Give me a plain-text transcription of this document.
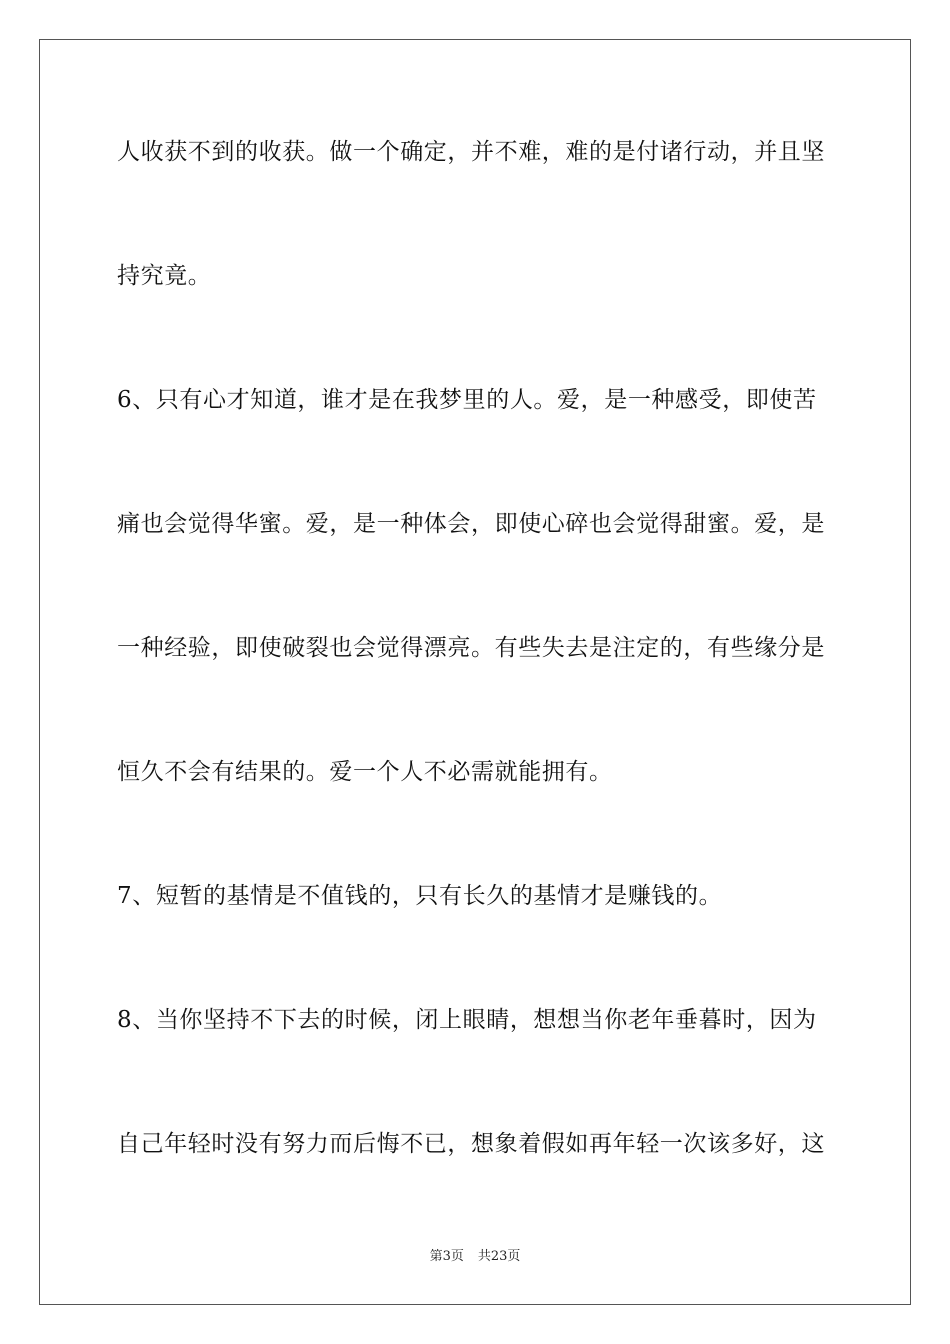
人收获不到的收获。做一个确定，并不难，难的是付诸行动，并且坚
持究竟。
6、只有心才知道，谁才是在我梦里的人。爱，是一种感受，即使苦
痛也会觉得华蜜。爱，是一种体会，即使心碎也会觉得甜蜜。爱，是
一种经验，即使破裂也会觉得漂亮。有些失去是注定的，有些缘分是
恒久不会有结果的。爱一个人不必需就能拥有。
7、短暂的基情是不值钱的，只有长久的基情才是赚钱的。
8、当你坚持不下去的时候，闭上眼睛，想想当你老年垂暮时，因为
自己年轻时没有努力而后悔不已，想象着假如再年轻一次该多好，这
第3页 共23页
